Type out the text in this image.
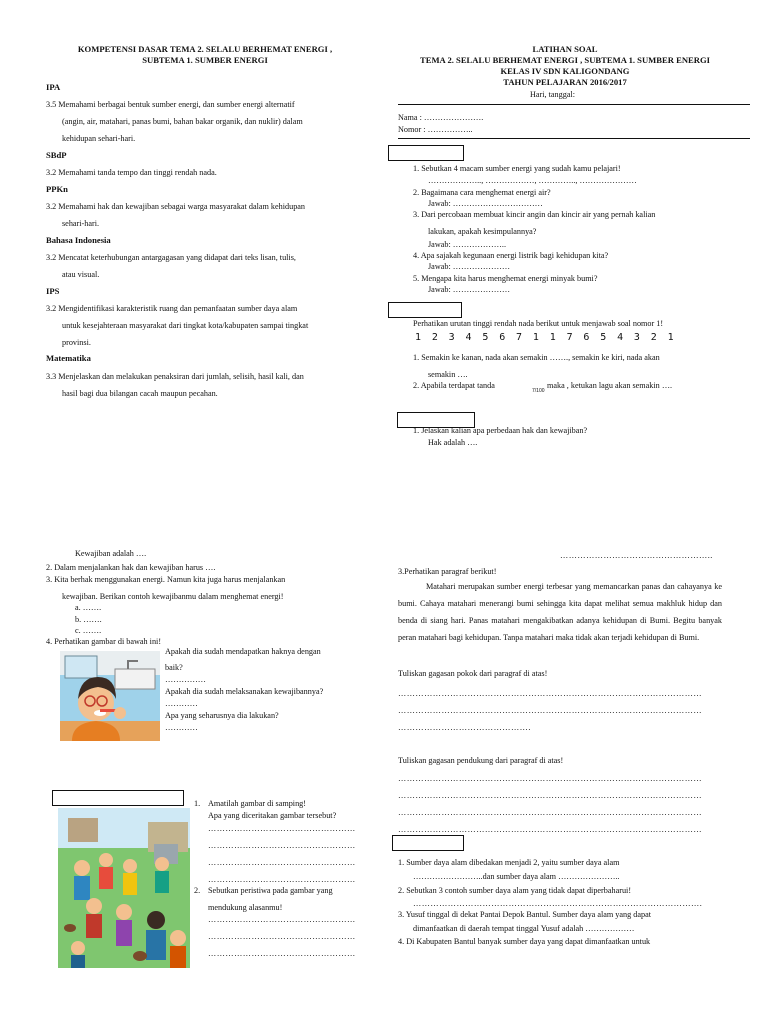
KOMPETENSI DASAR TEMA 2. SELALU BERHEMAT ENERGI ,
SUBTEMA 1. SUMBER ENERGI
IPA
3.5 Memahami berbagai bentuk sumber energi, dan sumber energi alternatif
(angin, air, matahari, panas bumi, bahan bakar organik, dan nuklir) dalam
kehidupan sehari-hari.
SBdP
3.2 Memahami tanda tempo dan tinggi rendah nada.
PPKn
3.2 Memahami hak dan kewajiban sebagai warga masyarakat dalam kehidupan
sehari-hari.
Bahasa Indonesia
3.2 Mencatat keterhubungan antargagasan yang didapat dari teks lisan, tulis,
atau visual.
IPS
3.2 Mengidentifikasi karakteristik ruang dan pemanfaatan sumber daya alam
untuk kesejahteraan masyarakat dari tingkat kota/kabupaten sampai tingkat
provinsi.
Matematika
3.3 Menjelaskan dan melakukan penaksiran dari jumlah, selisih, hasil kali, dan
hasil bagi dua bilangan cacah maupun pecahan.
Kewajiban adalah ….
2. Dalam menjalankan hak dan kewajiban harus ….
3. Kita berhak menggunakan energi. Namun kita juga harus menjalankan
kewajiban. Berikan contoh kewajibanmu dalam menghemat energi!
a. …….
b. …….
c. …….
4. Perhatikan gambar di bawah ini!
Apakah dia sudah mendapatkan haknya dengan
baik?
……………
Apakah dia sudah melaksanakan kewajibannya?
…………
Apa yang seharusnya dia lakukan?
…………
1. Amatilah gambar di samping!
Apa yang diceritakan gambar tersebut?
……………………………………………
……………………………………………
……………………………………………
……………………………………………
2. Sebutkan peristiwa pada gambar yang
mendukung alasanmu!
……………………………………………
……………………………………………
……………………………………………
LATIHAN SOAL
TEMA 2. SELALU BERHEMAT ENERGI , SUBTEMA 1. SUMBER ENERGI
KELAS IV SDN KALIGONDANG
TAHUN PELAJARAN 2016/2017
Hari, tanggal:
Nama : ………………….
Nomor : ……………..
1. Sebutkan 4 macam sumber energi yang sudah kamu pelajari!
……………….., ………………, ………….., …………………
2. Bagaimana cara menghemat energi air?
Jawab: ……………………………
3. Dari percobaan membuat kincir angin dan kincir air yang pernah kalian
lakukan, apakah kesimpulannya?
Jawab: ………………..
4. Apa sajakah kegunaan energi listrik bagi kehidupan kita?
Jawab: …………………
5. Mengapa kita harus menghemat energi minyak bumi?
Jawab: …………………
Perhatikan urutan tinggi rendah nada berikut untuk menjawab soal nomor 1!
1 2 3 4 5 6 7 1 1 7 6 5 4 3 2 1
1. Semakin ke kanan, nada akan semakin ……., semakin ke kiri, nada akan
semakin ….
2. Apabila terdapat tanda
7/100
maka , ketukan lagu akan semakin ….
1. Jelaskan kalian apa perbedaan hak dan kewajiban?
Hak adalah ….
……………………………………………..
3.Perhatikan paragraf berikut!
Matahari merupakan sumber energi terbesar yang memancarkan panas dan cahayanya ke bumi. Cahaya matahari menerangi bumi sehingga kita dapat melihat semua makhluk hidup dan benda di siang hari. Panas matahari mengakibatkan adanya kehidupan di Bumi. Begitu banyak peran matahari bagi kehidupan. Tanpa matahari maka tidak akan terjadi kehidupan di Bumi.
Tuliskan gagasan pokok dari paragraf di atas!
……………………………………………………………………………………………
……………………………………………………………………………………………
……………………………………….
Tuliskan gagasan pendukung dari paragraf di atas!
……………………………………………………………………………………………
……………………………………………………………………………………………
……………………………………………………………………………………………
……………………………………………………………………………………………
1. Sumber daya alam dibedakan menjadi 2, yaitu sumber daya alam
……………………..dan sumber daya alam …………………..
2. Sebutkan 3 contoh sumber daya alam yang tidak dapat diperbaharui!
……………………………………………………………………………………….
3. Yusuf tinggal di dekat Pantai Depok Bantul. Sumber daya alam yang dapat
dimanfaatkan di daerah tempat tinggal Yusuf adalah ………………
4. Di Kabupaten Bantul banyak sumber daya yang dapat dimanfaatkan untuk
